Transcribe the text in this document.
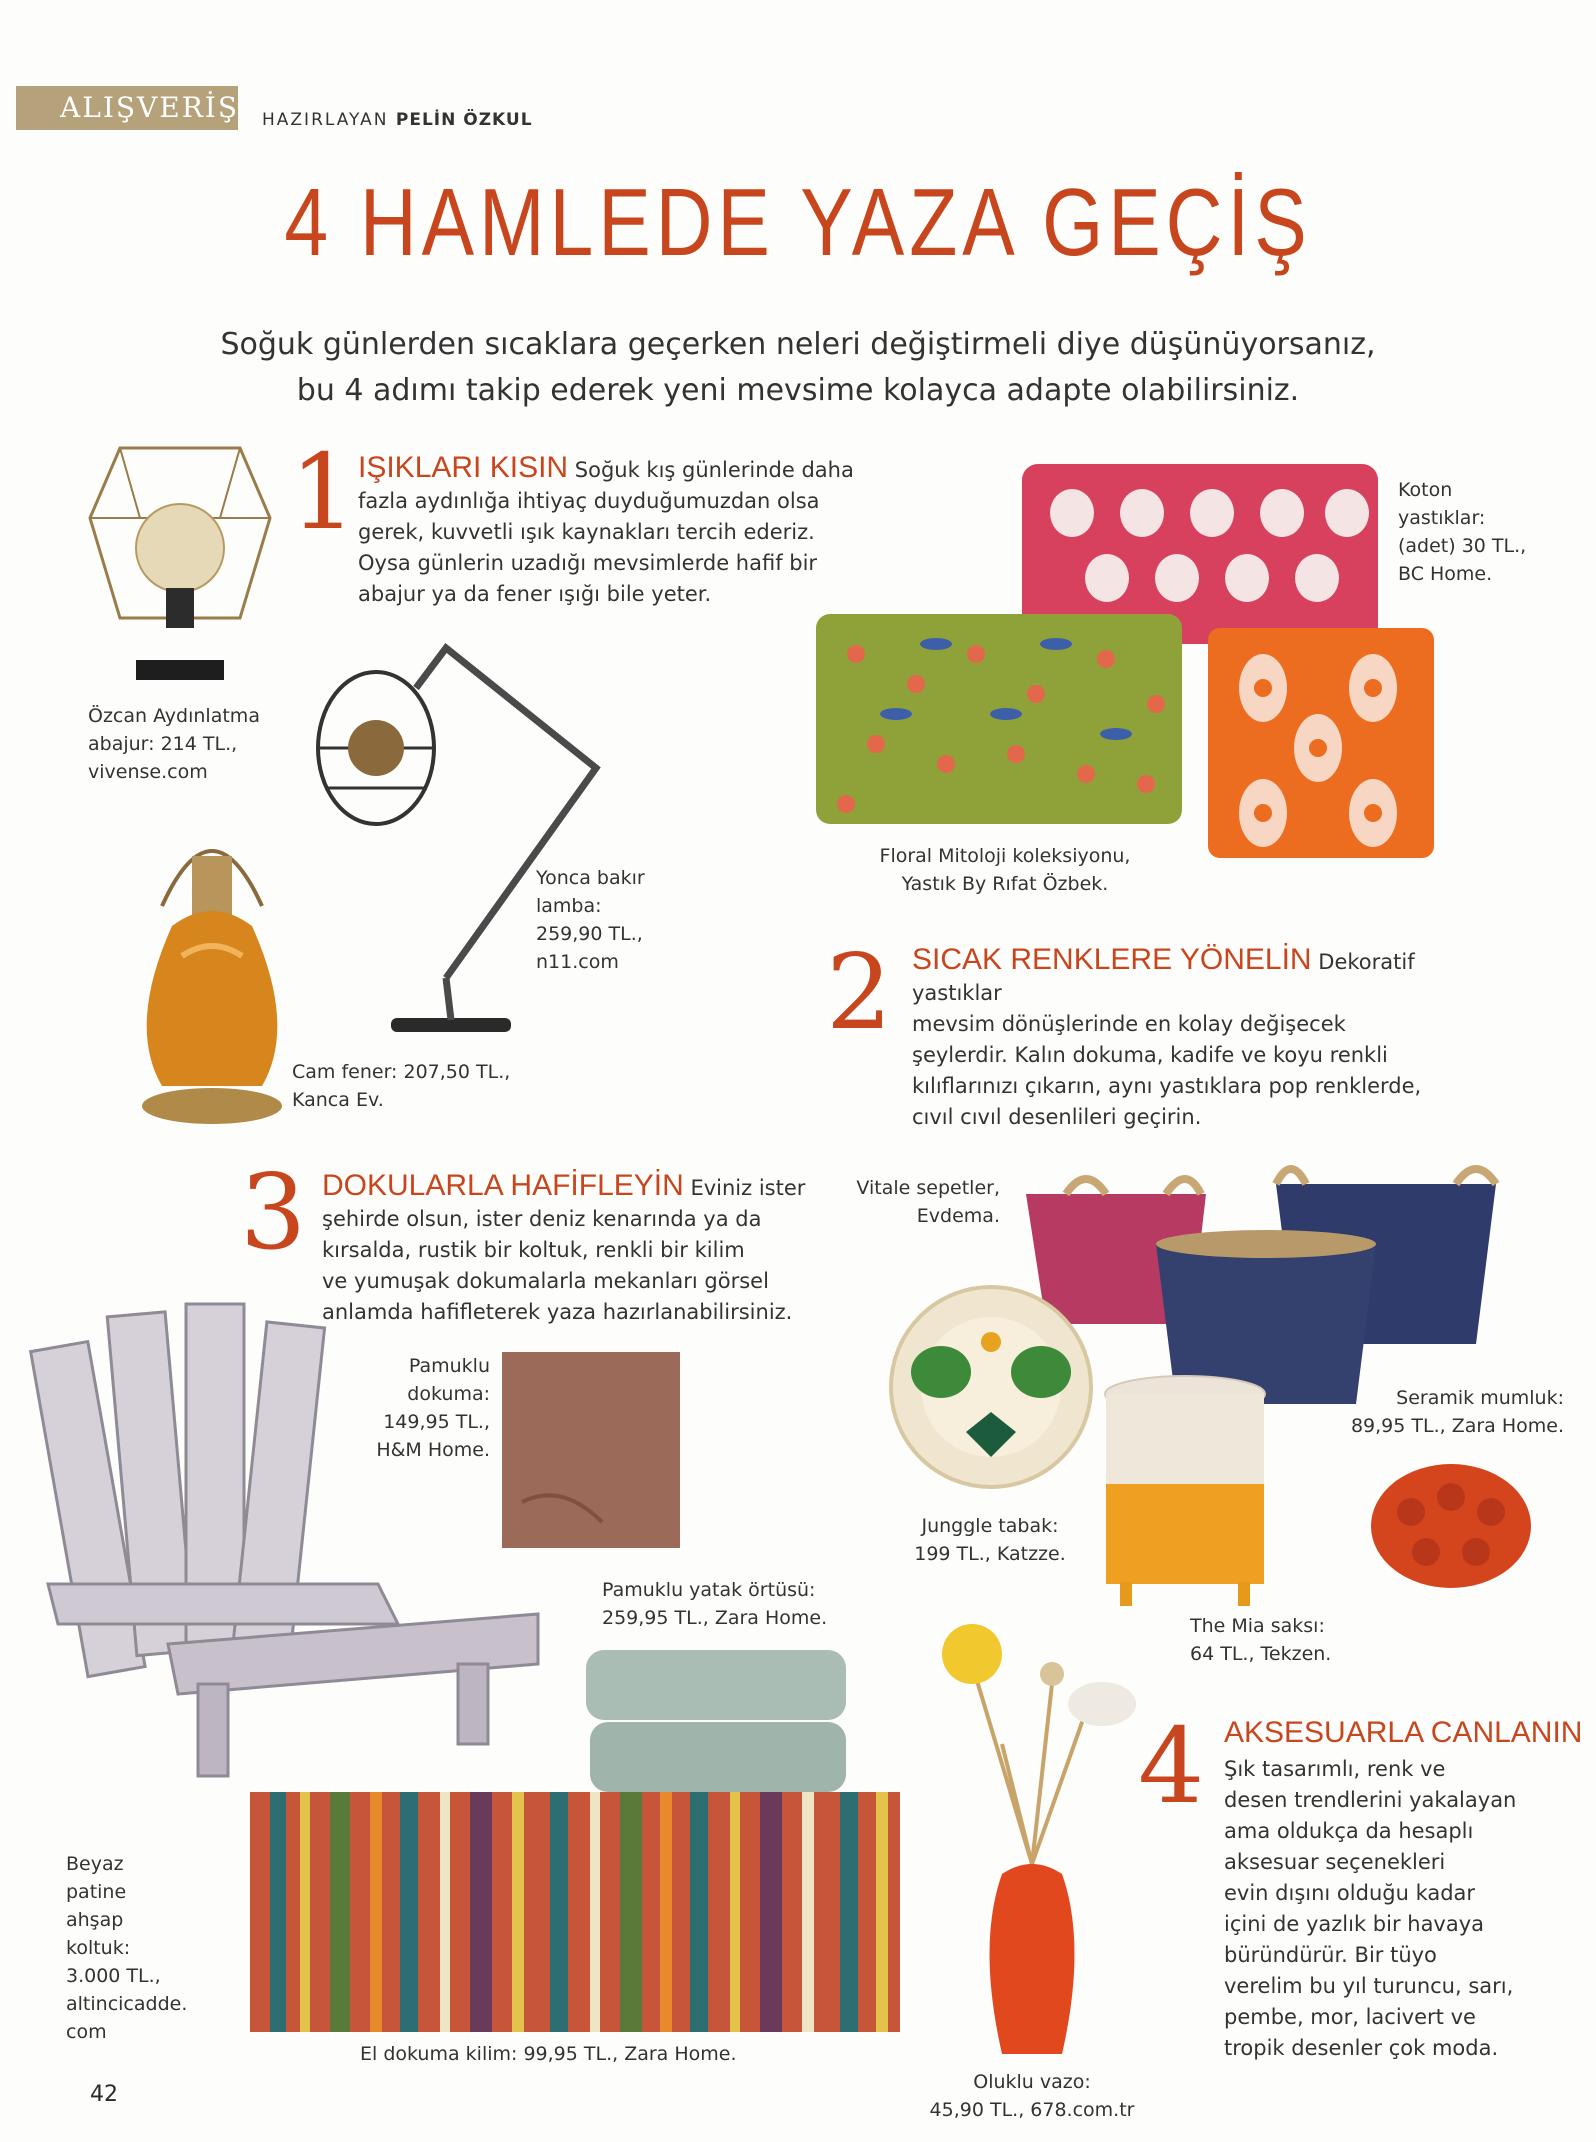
ALIŞVERİŞ HAZIRLAYAN PELİN ÖZKUL
4 HAMLEDE YAZA GEÇİŞ
Soğuk günlerden sıcaklara geçerken neleri değiştirmeli diye düşünüyorsanız,
bu 4 adımı takip ederek yeni mevsime kolayca adapte olabilirsiniz.
1 IŞIKLARI KISIN Soğuk kış günlerinde daha
fazla aydınlığa ihtiyaç duyduğumuzdan olsa
gerek, kuvvetli ışık kaynakları tercih ederiz.
Oysa günlerin uzadığı mevsimlerde hafif bir
abajur ya da fener ışığı bile yeter.
2 SICAK RENKLERE YÖNELİN Dekoratif yastıklar
mevsim dönüşlerinde en kolay değişecek
şeylerdir. Kalın dokuma, kadife ve koyu renkli
kılıflarınızı çıkarın, aynı yastıklara pop renklerde,
cıvıl cıvıl desenlileri geçirin.
3 DOKULARLA HAFİFLEYİN Eviniz ister
şehirde olsun, ister deniz kenarında ya da
kırsalda, rustik bir koltuk, renkli bir kilim
ve yumuşak dokumalarla mekanları görsel
anlamda hafifleterek yaza hazırlanabilirsiniz.
4 AKSESUARLA CANLANIN
Şık tasarımlı, renk ve
desen trendlerini yakalayan
ama oldukça da hesaplı
aksesuar seçenekleri
evin dışını olduğu kadar
içini de yazlık bir havaya
büründürür. Bir tüyo
verelim bu yıl turuncu, sarı,
pembe, mor, lacivert ve
tropik desenler çok moda.
Özcan Aydınlatma
abajur: 214 TL.,
vivense.com
Yonca bakır
lamba:
259,90 TL.,
n11.com
Cam fener: 207,50 TL.,
Kanca Ev.
Koton
yastıklar:
(adet) 30 TL.,
BC Home.
Floral Mitoloji koleksiyonu,
Yastık By Rıfat Özbek.
Vitale sepetler,
Evdema.
Seramik mumluk:
89,95 TL., Zara Home.
Junggle tabak:
199 TL., Katzze.
The Mia saksı:
64 TL., Tekzen.
Pamuklu
dokuma:
149,95 TL.,
H&M Home.
Pamuklu yatak örtüsü:
259,95 TL., Zara Home.
Beyaz
patine
ahşap
koltuk:
3.000 TL.,
altincicadde.
com
El dokuma kilim: 99,95 TL., Zara Home.
Oluklu vazo:
45,90 TL., 678.com.tr
42
